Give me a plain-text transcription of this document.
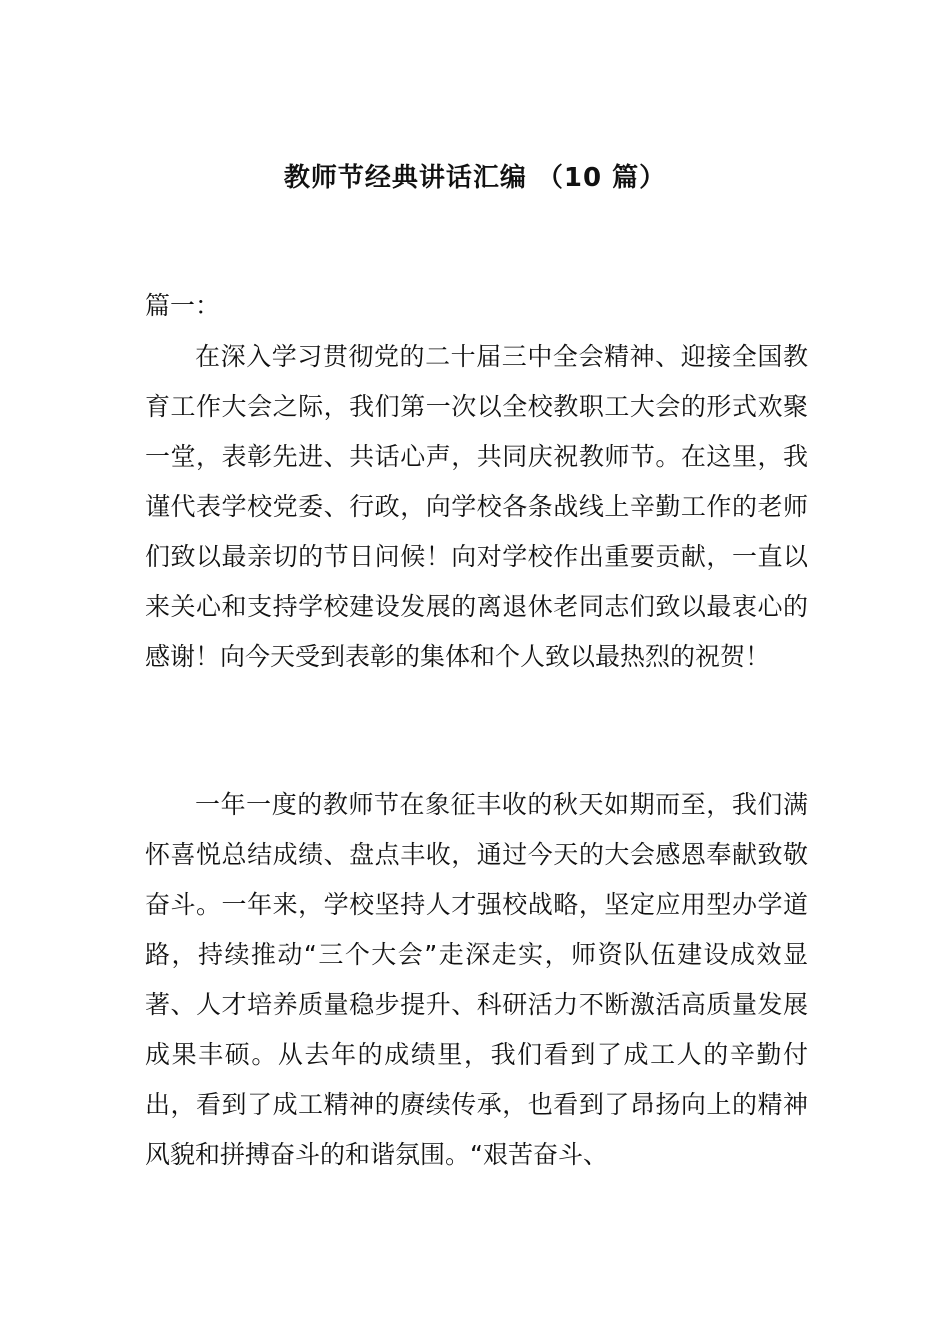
教师节经典讲话汇编 （10 篇）
篇一：

在深入学习贯彻党的二十届三中全会精神、迎接全国教育工作大会之际，我们第一次以全校教职工大会的形式欢聚一堂，表彰先进、共话心声，共同庆祝教师节。在这里，我谨代表学校党委、行政，向学校各条战线上辛勤工作的老师们致以最亲切的节日问候！向对学校作出重要贡献，一直以来关心和支持学校建设发展的离退休老同志们致以最衷心的感谢！向今天受到表彰的集体和个人致以最热烈的祝贺！

一年一度的教师节在象征丰收的秋天如期而至，我们满怀喜悦总结成绩、盘点丰收，通过今天的大会感恩奉献致敬奋斗。一年来，学校坚持人才强校战略，坚定应用型办学道路，持续推动“三个大会”走深走实，师资队伍建设成效显著、人才培养质量稳步提升、科研活力不断激活高质量发展成果丰硕。从去年的成绩里，我们看到了成工人的辛勤付出，看到了成工精神的赓续传承，也看到了昂扬向上的精神风貌和拼搏奋斗的和谐氛围。“艰苦奋斗、
